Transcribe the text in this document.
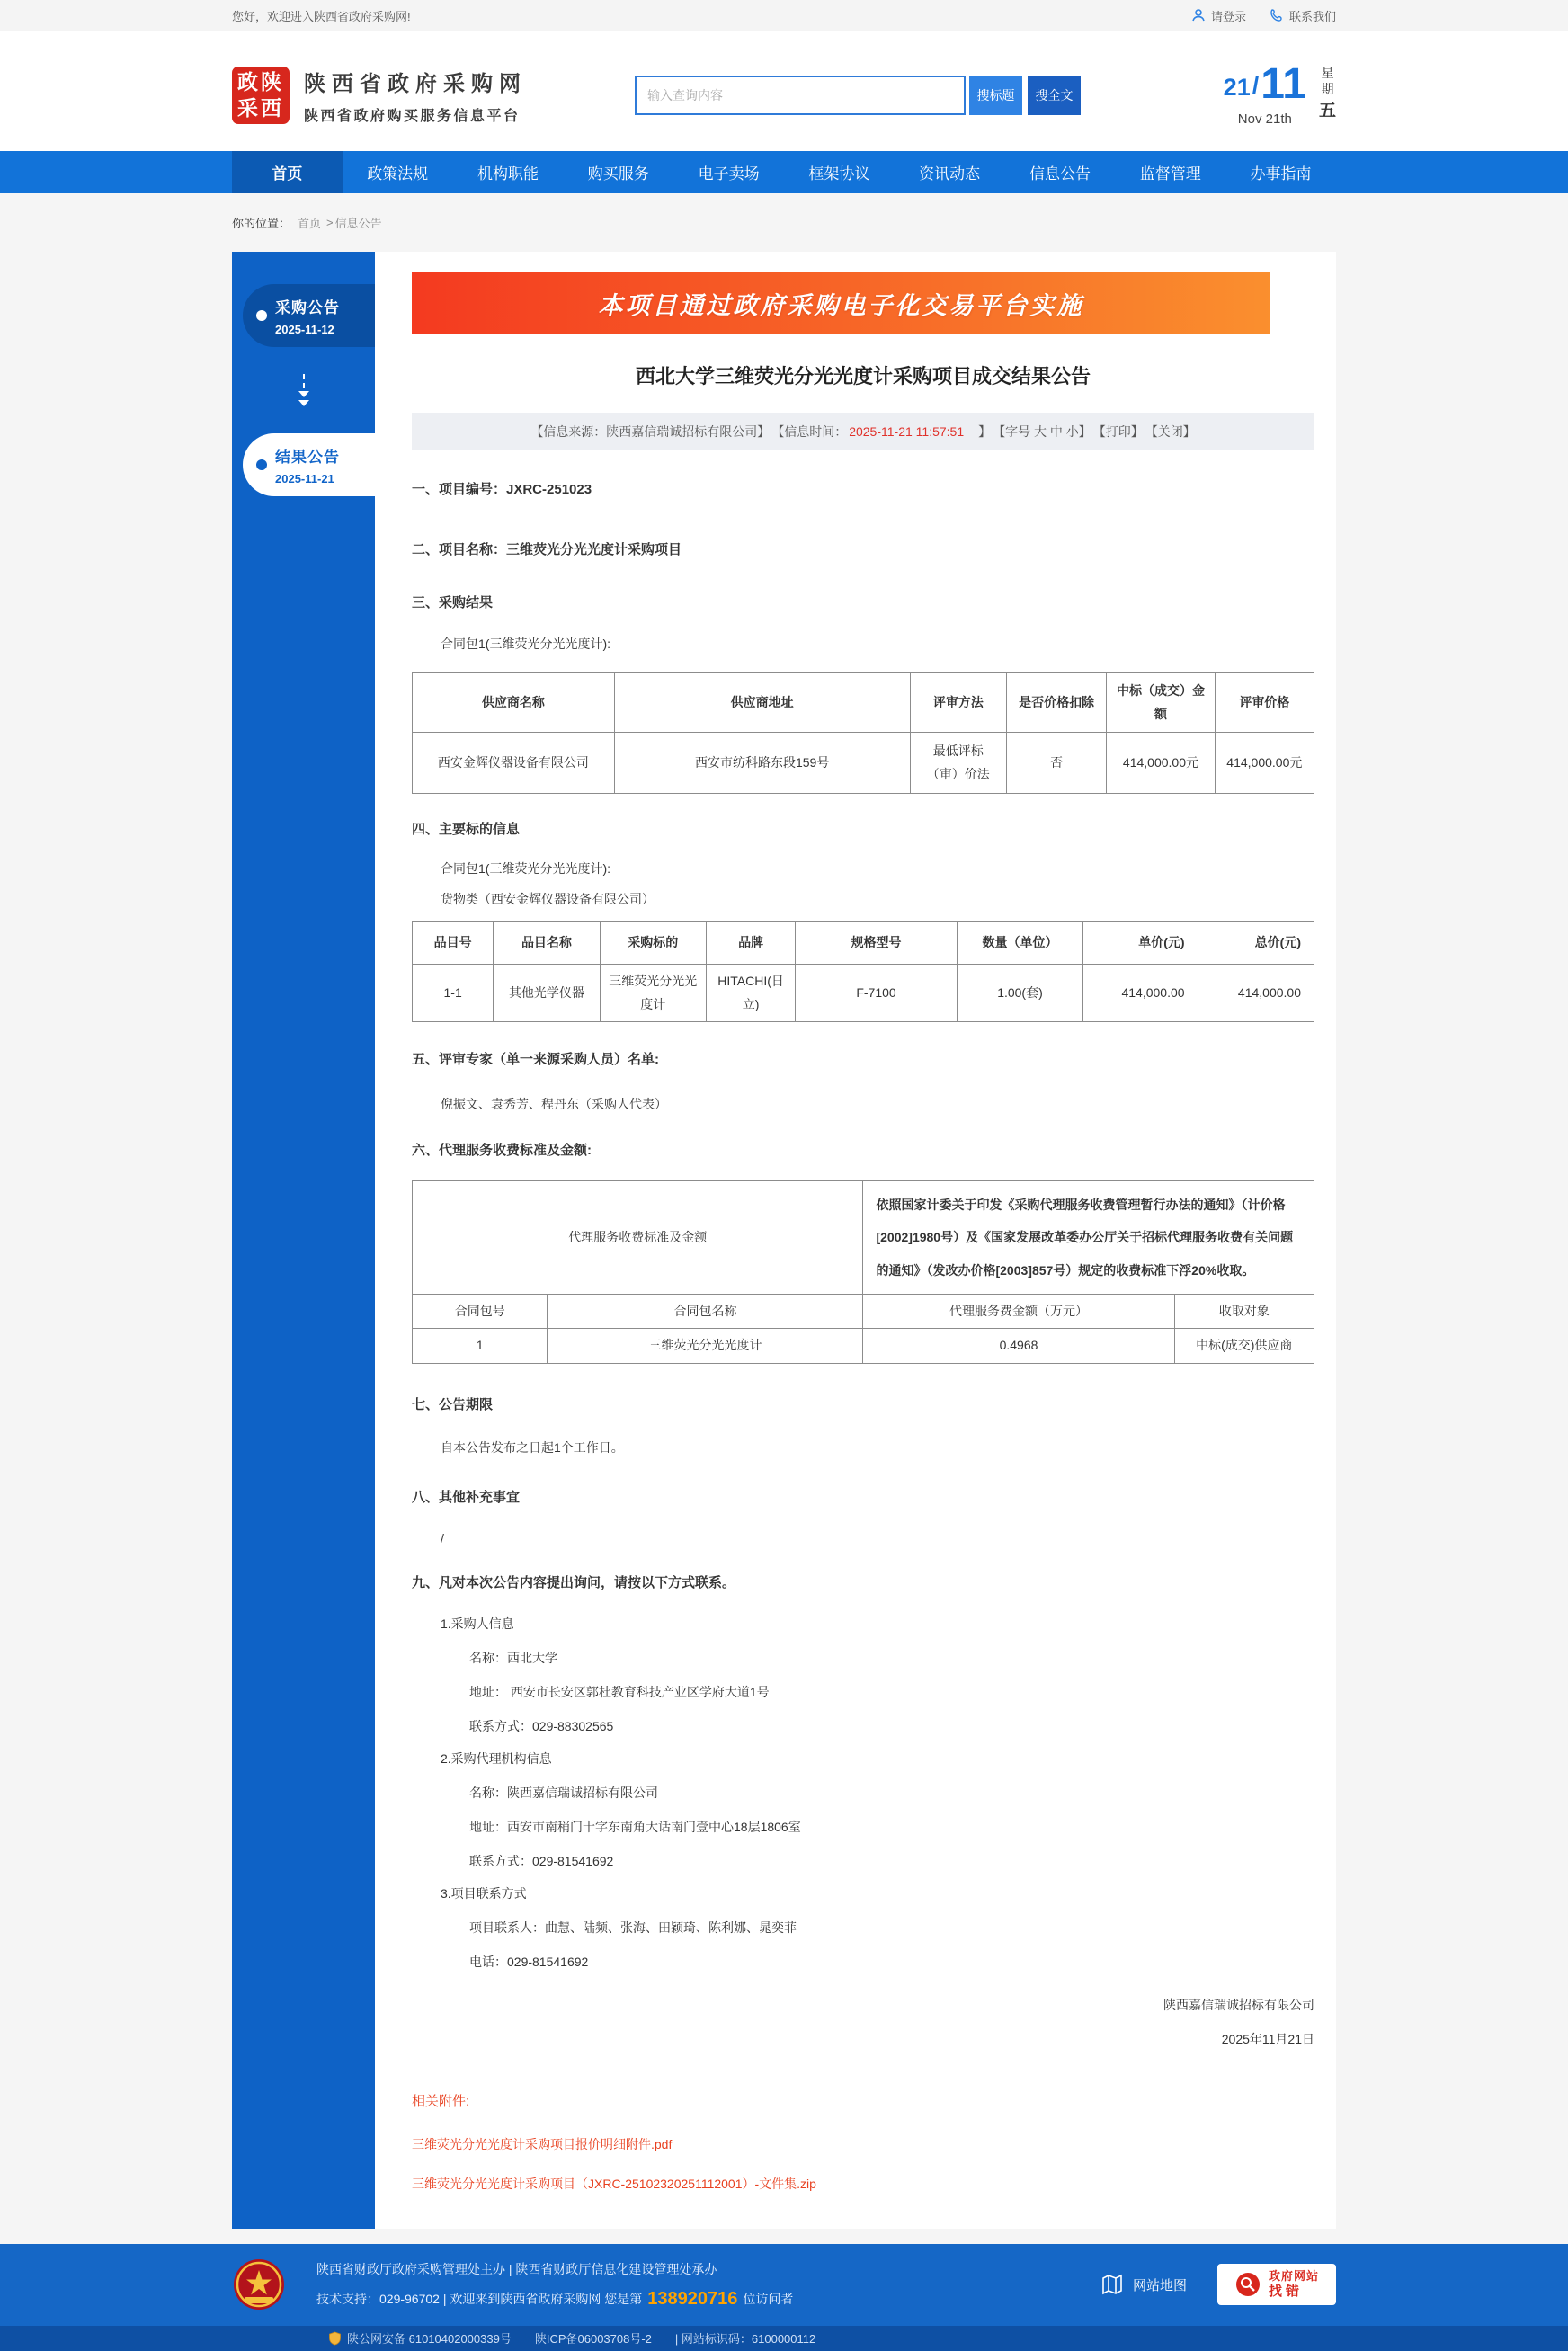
您好，欢迎进入陕西省政府采购网!	请登录	联系我们
政陕
采西
陕西省政府采购网
陕西省政府购买服务信息平台
输入查询内容
搜标题	搜全文	21 / 11
Nov 21th
星
期
五
首页	政策法规	机构职能	购买服务	电子卖场	框架协议	资讯动态	信息公告	监督管理	办事指南
你的位置： 首页 > 信息公告
采购公告
2025-11-12
结果公告
2025-11-21
本项目通过政府采购电子化交易平台实施
西北大学三维荧光分光光度计采购项目成交结果公告
【信息来源：陕西嘉信瑞诚招标有限公司】 【信息时间： 2025-11-21 11:57:51 　】 【字号 大 中 小】 【打印】 【关闭】
一、项目编号：JXRC-251023
二、项目名称：三维荧光分光光度计采购项目
三、采购结果
合同包1(三维荧光分光光度计):
供应商名称	供应商地址	评审方法	是否价格扣除	中标（成交）金额	评审价格
西安金辉仪器设备有限公司	西安市纺科路东段159号	最低评标（审）价法	否	414,000.00元	414,000.00元
四、主要标的信息
合同包1(三维荧光分光光度计):
货物类（西安金辉仪器设备有限公司）
品目号	品目名称	采购标的	品牌	规格型号	数量（单位）	单价(元)	总价(元)
1-1	其他光学仪器	三维荧光分光光度计	HITACHI(日立)	F-7100	1.00(套)	414,000.00	414,000.00
五、评审专家（单一来源采购人员）名单:
倪振文、袁秀芳、程丹东（采购人代表）
六、代理服务收费标准及金额:
代理服务收费标准及金额		依照国家计委关于印发《采购代理服务收费管理暂行办法的通知》（计价格[2002]1980号）及《国家发展改革委办公厅关于招标代理服务收费有关问题的通知》（发改办价格[2003]857号）规定的收费标准下浮20%收取。	
合同包号	合同包名称	代理服务费金额（万元）	收取对象
1	三维荧光分光光度计	0.4968	中标(成交)供应商
七、公告期限
自本公告发布之日起1个工作日。
八、其他补充事宜
/
九、凡对本次公告内容提出询问，请按以下方式联系。
1.采购人信息
名称：西北大学
地址： 西安市长安区郭杜教育科技产业区学府大道1号
联系方式：029-88302565
2.采购代理机构信息
名称：陕西嘉信瑞诚招标有限公司
地址：西安市南稍门十字东南角大话南门壹中心18层1806室
联系方式：029-81541692
3.项目联系方式
项目联系人：曲慧、陆频、张海、田颖琦、陈利娜、晁奕菲
电话：029-81541692
陕西嘉信瑞诚招标有限公司
2025年11月21日
相关附件:
三维荧光分光光度计采购项目报价明细附件.pdf
三维荧光分光光度计采购项目（JXRC-25102320251112001）-文件集.zip
陕西省财政厅政府采购管理处主办 | 陕西省财政厅信息化建设管理处承办
技术支持：029-96702 | 欢迎来到陕西省政府采购网 您是第 138920716 位访问者
网站地图
政府网站
找错
陕公网安备 61010402000339号 陕ICP备06003708号-2 | 网站标识码：6100000112
